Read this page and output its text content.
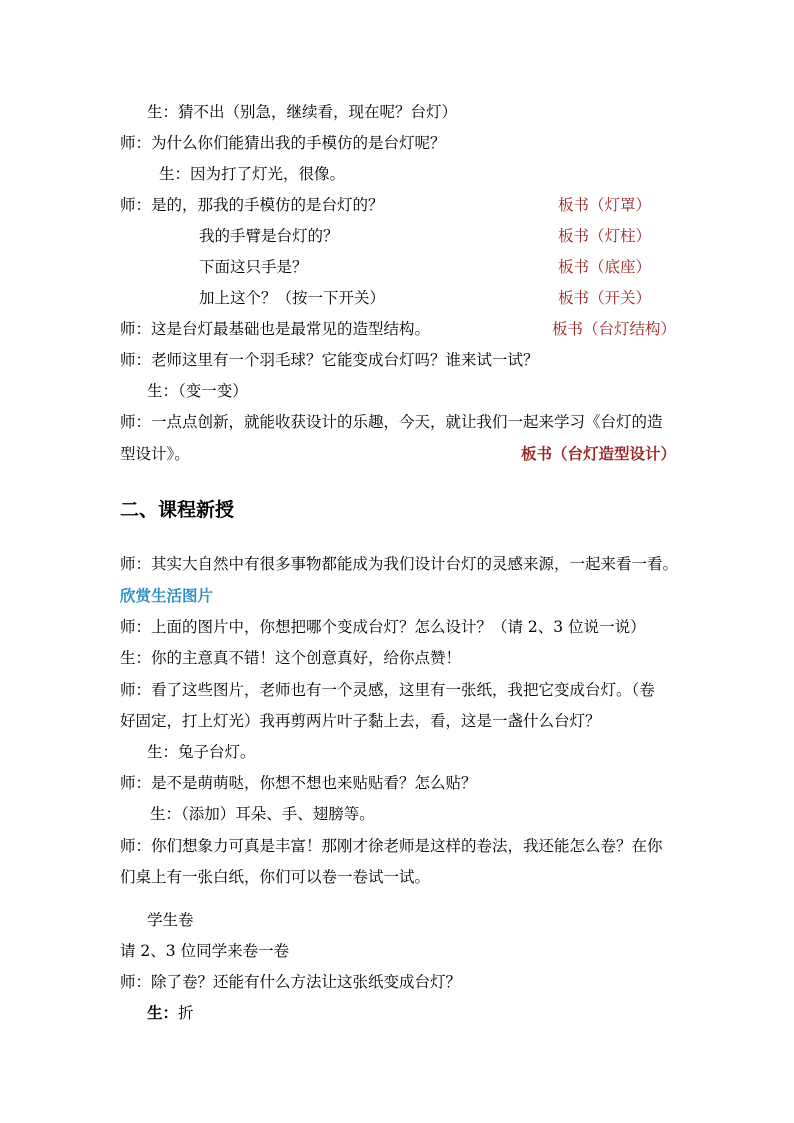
生：猜不出（别急，继续看，现在呢？台灯）
师：为什么你们能猜出我的手模仿的是台灯呢？
生：因为打了灯光，很像。
师：是的，那我的手模仿的是台灯的？	板书（灯罩）
我的手臂是台灯的？	板书（灯柱）
下面这只手是？	板书（底座）
加上这个？（按一下开关）	板书（开关）
师：这是台灯最基础也是最常见的造型结构。	板书（台灯结构）
师：老师这里有一个羽毛球？它能变成台灯吗？谁来试一试？
生：（变一变）
师：一点点创新，就能收获设计的乐趣，今天，就让我们一起来学习《台灯的造
型设计》。	板书（台灯造型设计）
二、课程新授
师：其实大自然中有很多事物都能成为我们设计台灯的灵感来源，一起来看一看。
欣赏生活图片
师：上面的图片中，你想把哪个变成台灯？怎么设计？（请 2、3 位说一说）
生：你的主意真不错！这个创意真好，给你点赞！
师：看了这些图片，老师也有一个灵感，这里有一张纸，我把它变成台灯。（卷
好固定，打上灯光）我再剪两片叶子黏上去，看，这是一盏什么台灯？
生：兔子台灯。
师：是不是萌萌哒，你想不想也来贴贴看？怎么贴？
生：（添加）耳朵、手、翅膀等。
师：你们想象力可真是丰富！那刚才徐老师是这样的卷法，我还能怎么卷？在你
们桌上有一张白纸，你们可以卷一卷试一试。
学生卷
请 2、3 位同学来卷一卷
师：除了卷？还能有什么方法让这张纸变成台灯？
生：折
